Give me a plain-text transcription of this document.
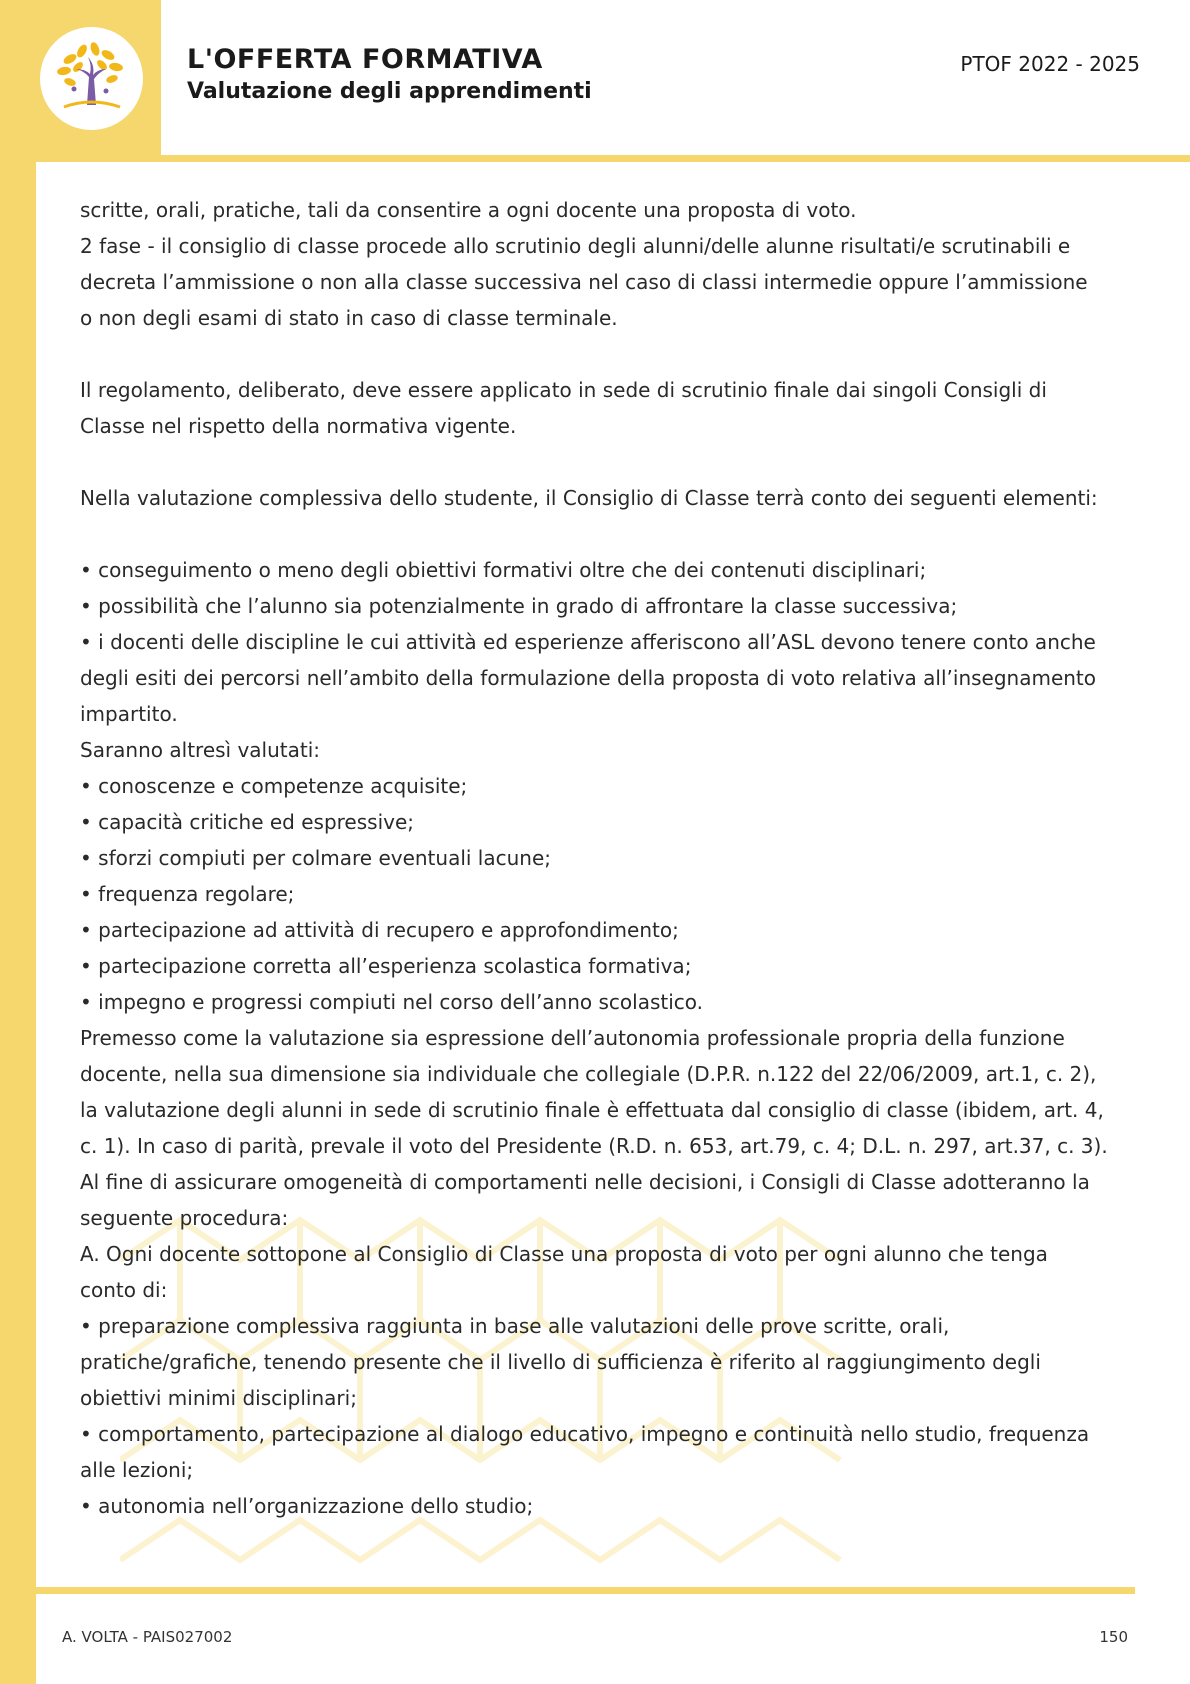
L'OFFERTA FORMATIVA
Valutazione degli apprendimenti
PTOF 2022 - 2025
scritte, orali, pratiche, tali da consentire a ogni docente una proposta di voto.
2 fase - il consiglio di classe procede allo scrutinio degli alunni/delle alunne risultati/e scrutinabili e
decreta l’ammissione o non alla classe successiva nel caso di classi intermedie oppure l’ammissione
o non degli esami di stato in caso di classe terminale.
Il regolamento, deliberato, deve essere applicato in sede di scrutinio finale dai singoli Consigli di
Classe nel rispetto della normativa vigente.
Nella valutazione complessiva dello studente, il Consiglio di Classe terrà conto dei seguenti elementi:
• conseguimento o meno degli obiettivi formativi oltre che dei contenuti disciplinari;
• possibilità che l’alunno sia potenzialmente in grado di affrontare la classe successiva;
• i docenti delle discipline le cui attività ed esperienze afferiscono all’ASL devono tenere conto anche
degli esiti dei percorsi nell’ambito della formulazione della proposta di voto relativa all’insegnamento
impartito.
Saranno altresì valutati:
• conoscenze e competenze acquisite;
• capacità critiche ed espressive;
• sforzi compiuti per colmare eventuali lacune;
• frequenza regolare;
• partecipazione ad attività di recupero e approfondimento;
• partecipazione corretta all’esperienza scolastica formativa;
• impegno e progressi compiuti nel corso dell’anno scolastico.
Premesso come la valutazione sia espressione dell’autonomia professionale propria della funzione
docente, nella sua dimensione sia individuale che collegiale (D.P.R. n.122 del 22/06/2009, art.1, c. 2),
la valutazione degli alunni in sede di scrutinio finale è effettuata dal consiglio di classe (ibidem, art. 4,
c. 1). In caso di parità, prevale il voto del Presidente (R.D. n. 653, art.79, c. 4; D.L. n. 297, art.37, c. 3).
Al fine di assicurare omogeneità di comportamenti nelle decisioni, i Consigli di Classe adotteranno la
seguente procedura:
A. Ogni docente sottopone al Consiglio di Classe una proposta di voto per ogni alunno che tenga
conto di:
• preparazione complessiva raggiunta in base alle valutazioni delle prove scritte, orali,
pratiche/grafiche, tenendo presente che il livello di sufficienza è riferito al raggiungimento degli
obiettivi minimi disciplinari;
• comportamento, partecipazione al dialogo educativo, impegno e continuità nello studio, frequenza
alle lezioni;
• autonomia nell’organizzazione dello studio;
A. VOLTA - PAIS027002	150
